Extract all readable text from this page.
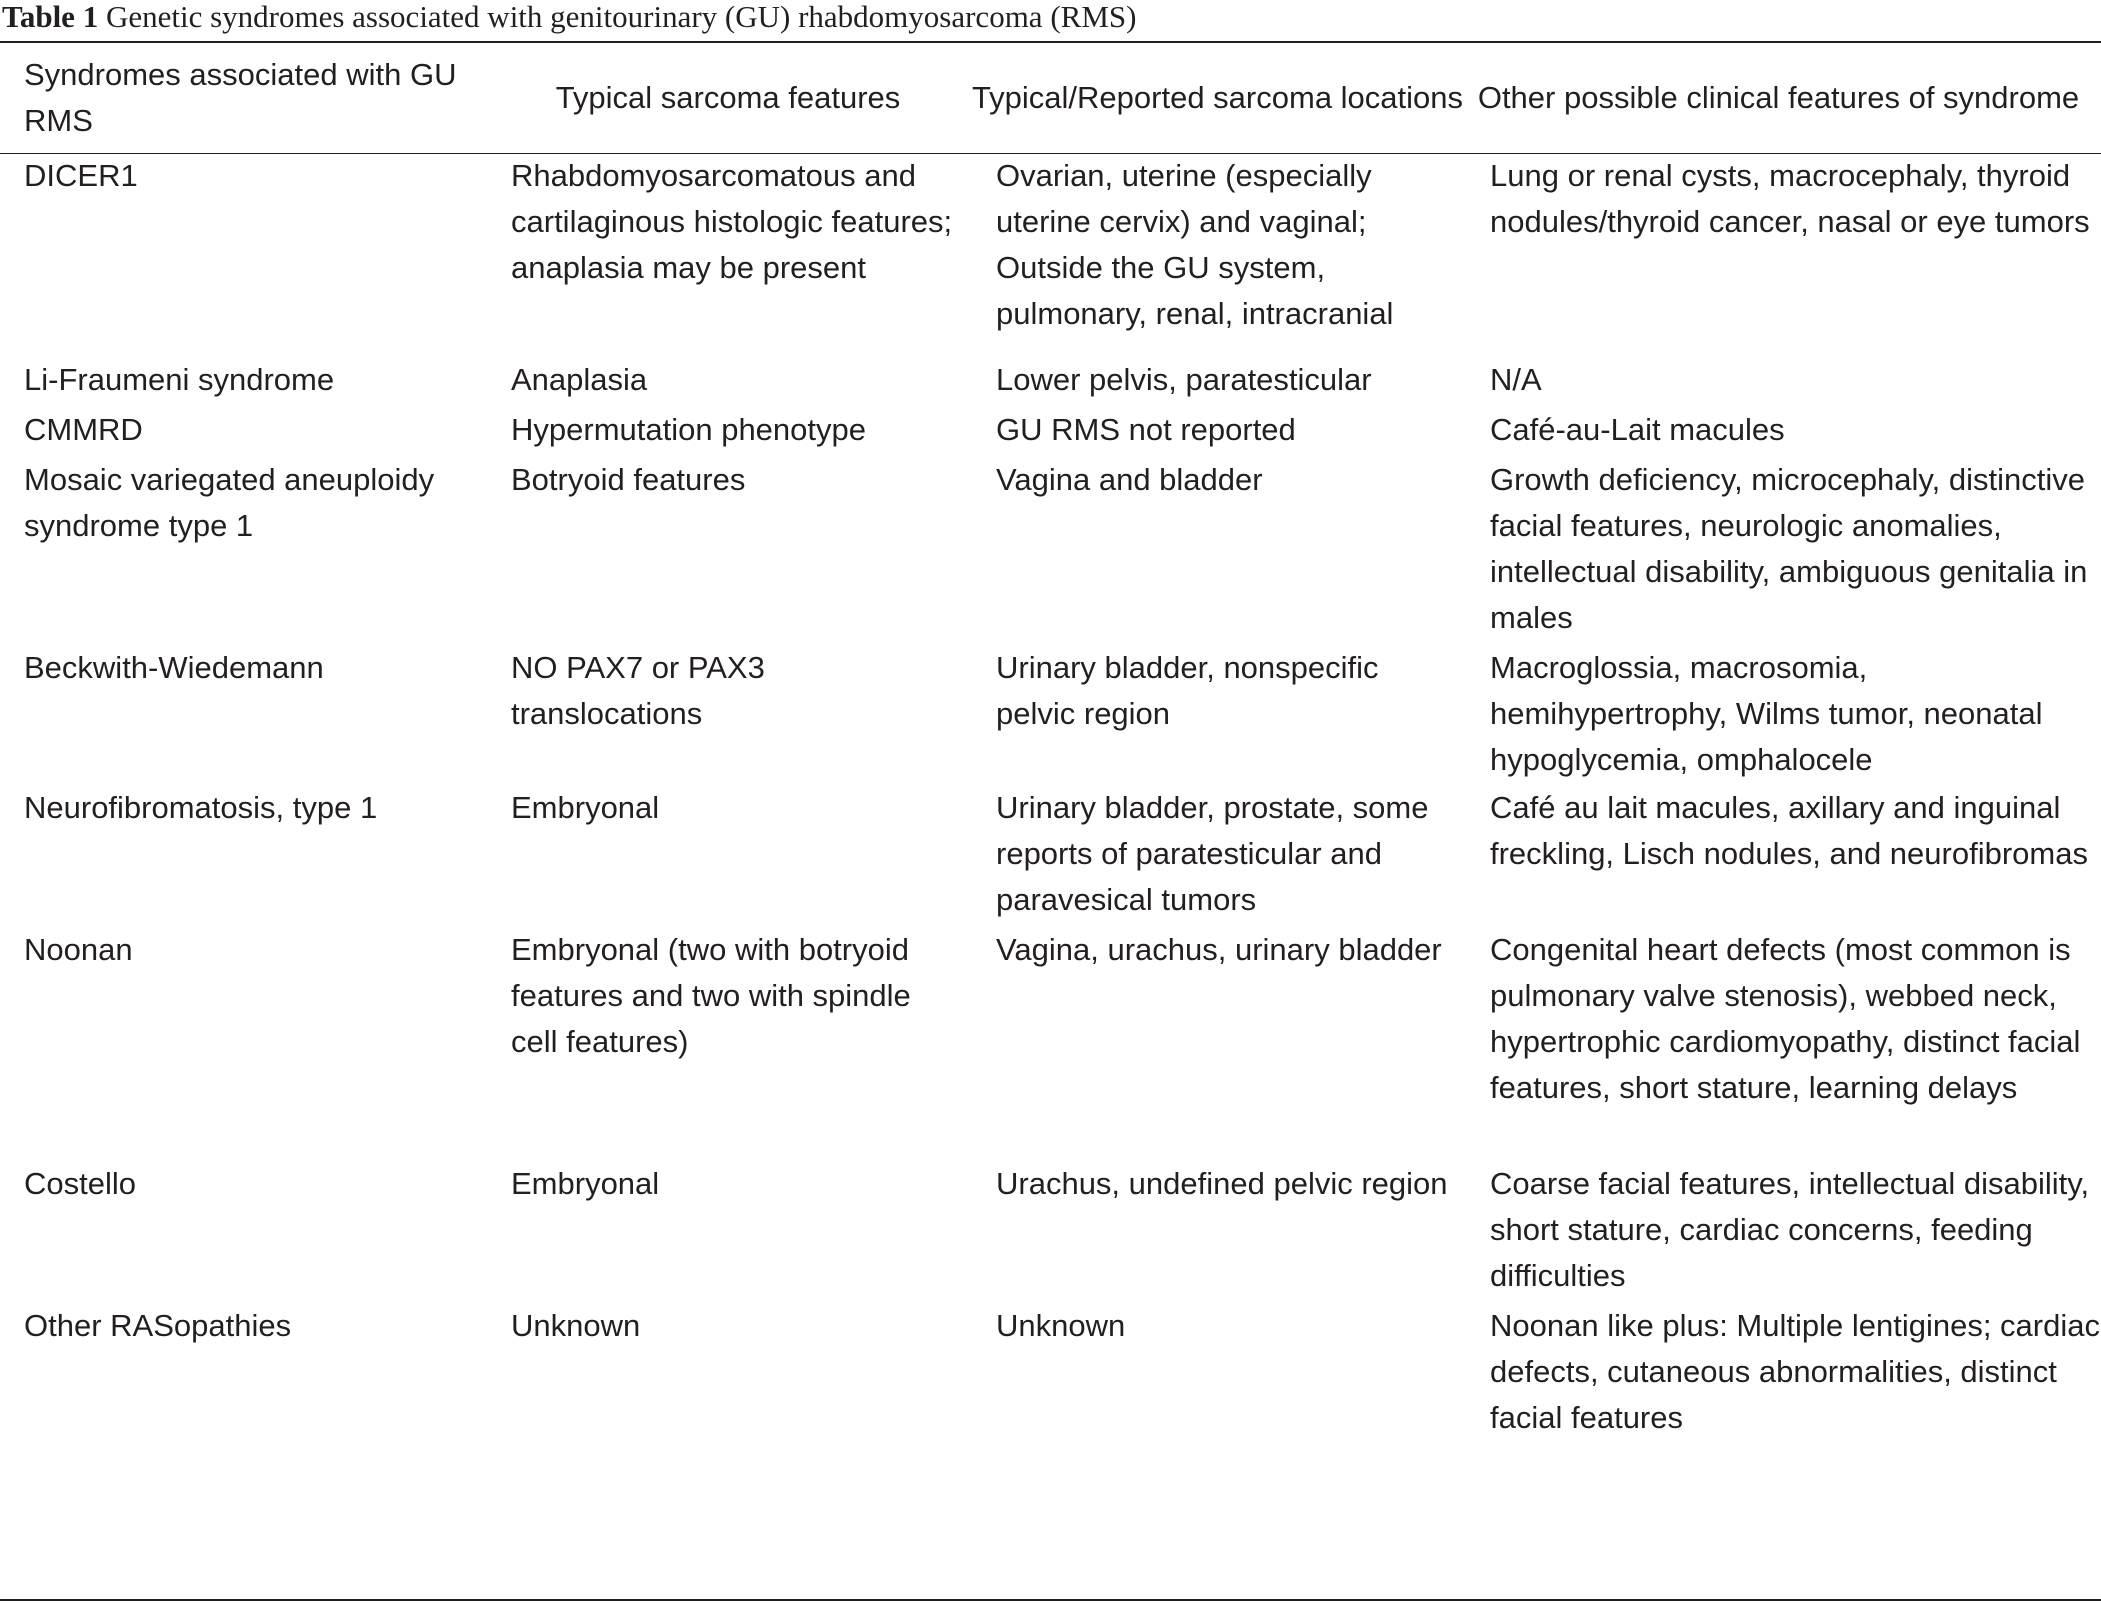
Table 1 Genetic syndromes associated with genitourinary (GU) rhabdomyosarcoma (RMS)
Syndromes associated with GU RMS	Typical sarcoma features	Typical/Reported sarcoma locations	Other possible clinical features of syndrome
DICER1	Rhabdomyosarcomatous and cartilaginous histologic features; anaplasia may be present	Ovarian, uterine (especially uterine cervix) and vaginal; Outside the GU system, pulmonary, renal, intracranial	Lung or renal cysts, macrocephaly, thyroid nodules/thyroid cancer, nasal or eye tumors
Li-Fraumeni syndrome	Anaplasia	Lower pelvis, paratesticular	N/A
CMMRD	Hypermutation phenotype	GU RMS not reported	Café-au-Lait macules
Mosaic variegated aneuploidy syndrome type 1	Botryoid features	Vagina and bladder	Growth deficiency, microcephaly, distinctive facial features, neurologic anomalies, intellectual disability, ambiguous genitalia in males
Beckwith-Wiedemann	NO PAX7 or PAX3 translocations	Urinary bladder, nonspecific pelvic region	Macroglossia, macrosomia, hemihypertrophy, Wilms tumor, neonatal hypoglycemia, omphalocele
Neurofibromatosis, type 1	Embryonal	Urinary bladder, prostate, some reports of paratesticular and paravesical tumors	Café au lait macules, axillary and inguinal freckling, Lisch nodules, and neurofibromas
Noonan	Embryonal (two with botryoid features and two with spindle cell features)	Vagina, urachus, urinary bladder	Congenital heart defects (most common is pulmonary valve stenosis), webbed neck, hypertrophic cardiomyopathy, distinct facial features, short stature, learning delays
Costello	Embryonal	Urachus, undefined pelvic region	Coarse facial features, intellectual disability, short stature, cardiac concerns, feeding difficulties
Other RASopathies	Unknown	Unknown	Noonan like plus: Multiple lentigines; cardiac defects, cutaneous abnormalities, distinct facial features
